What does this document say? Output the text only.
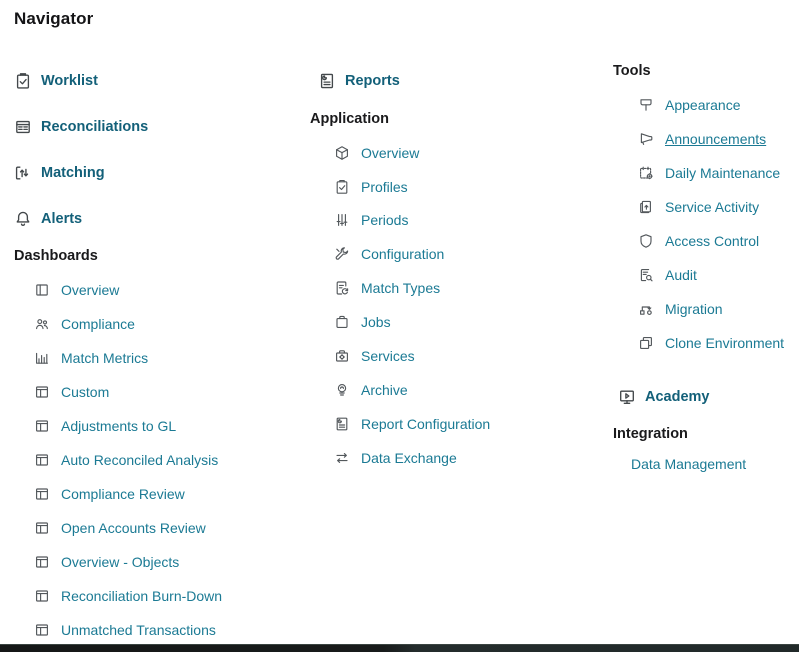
Navigator
Worklist
Reconciliations
Matching
Alerts
Dashboards
Overview
Compliance
Match Metrics
Custom
Adjustments to GL
Auto Reconciled Analysis
Compliance Review
Open Accounts Review
Overview - Objects
Reconciliation Burn-Down
Unmatched Transactions
Reports
Application
Overview
Profiles
Periods
Configuration
Match Types
Jobs
Services
Archive
Report Configuration
Data Exchange
Tools
Appearance
Announcements
Daily Maintenance
Service Activity
Access Control
Audit
Migration
Clone Environment
Academy
Integration
Data Management
